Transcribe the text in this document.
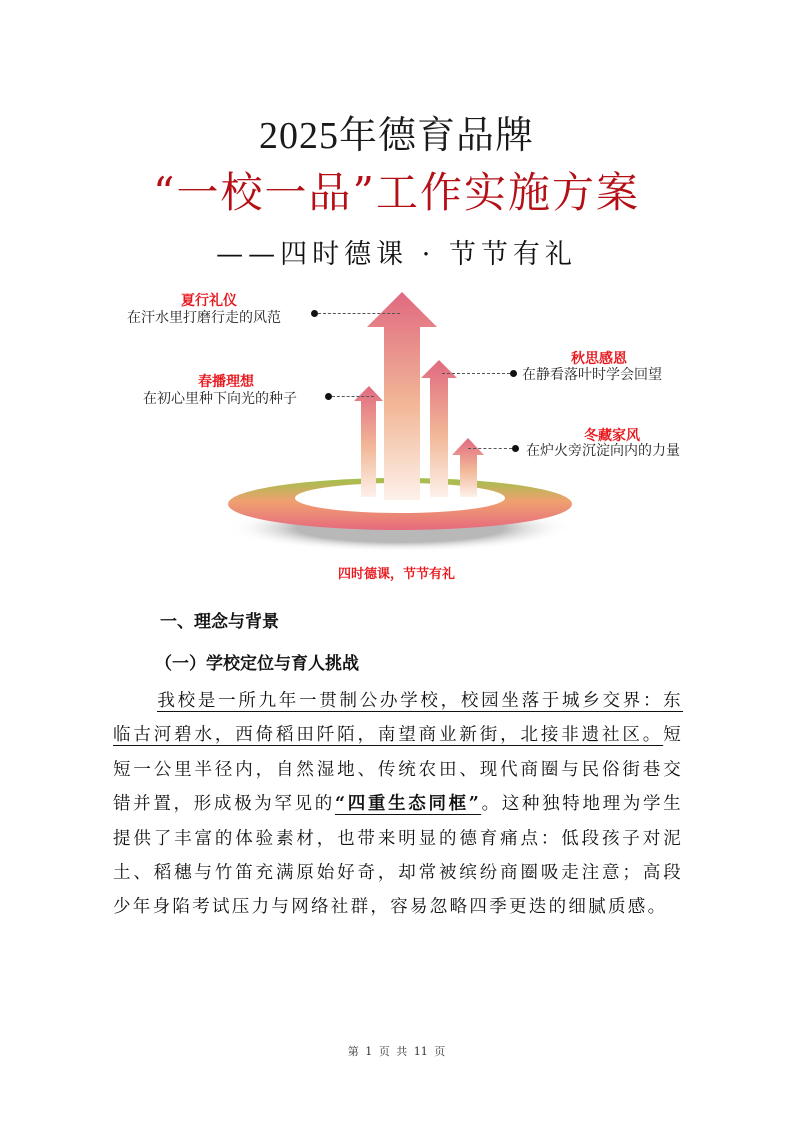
2025年德育品牌
“一校一品”工作实施方案
——四时德课 · 节节有礼
夏行礼仪
在汗水里打磨行走的风范
春播理想
在初心里种下向光的种子
秋思感恩
在静看落叶时学会回望
冬藏家风
在炉火旁沉淀向内的力量
四时德课，节节有礼
一、理念与背景
（一）学校定位与育人挑战

我校是一所九年一贯制公办学校，校园坐落于城乡交界：东临古河碧水，西倚稻田阡陌，南望商业新街，北接非遗社区。短短一公里半径内，自然湿地、传统农田、现代商圈与民俗街巷交错并置，形成极为罕见的“四重生态同框”。这种独特地理为学生提供了丰富的体验素材，也带来明显的德育痛点：低段孩子对泥土、稻穗与竹笛充满原始好奇，却常被缤纷商圈吸走注意；高段少年身陷考试压力与网络社群，容易忽略四季更迭的细腻质感。

第 1 页 共 11 页
